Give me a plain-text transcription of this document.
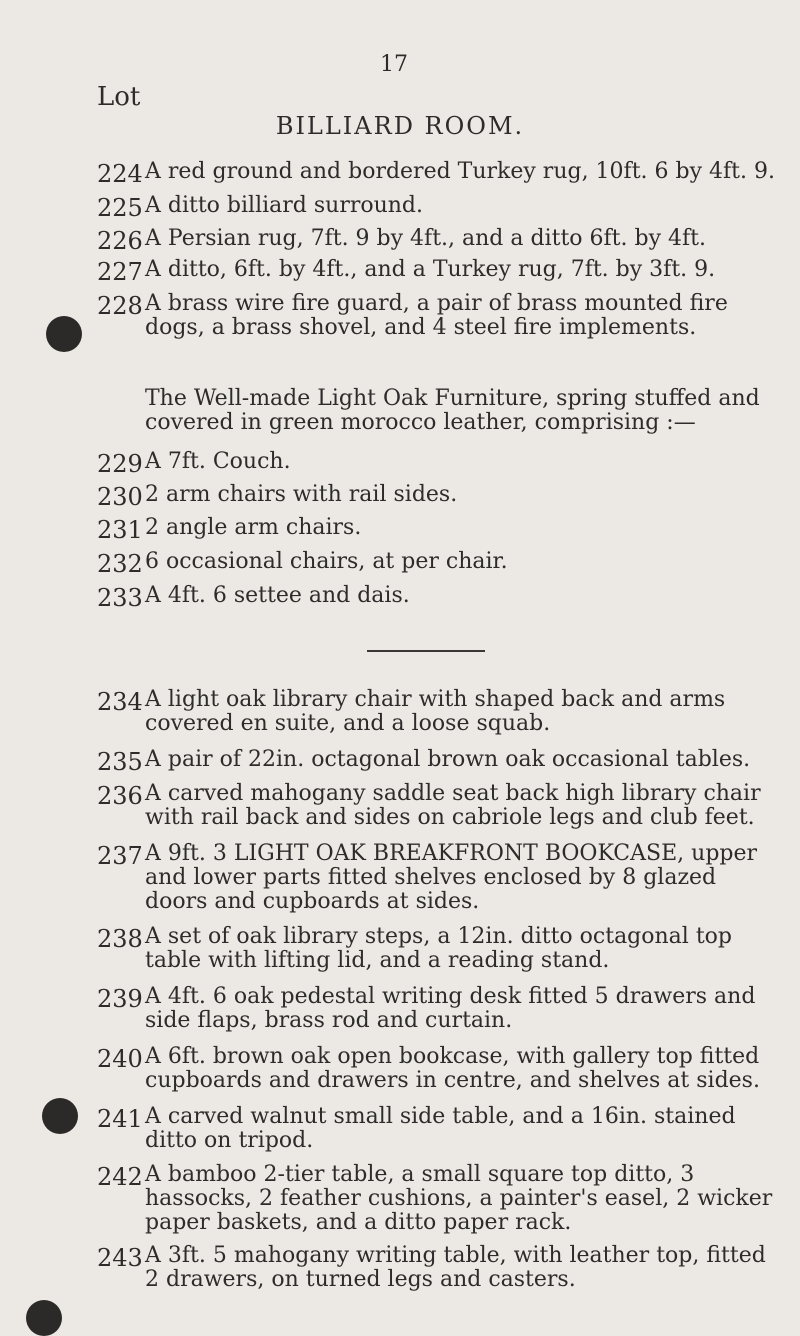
17
Lot
BILLIARD ROOM.
224 A red ground and bordered Turkey rug, 10ft. 6 by 4ft. 9.
225 A ditto billiard surround.
226 A Persian rug, 7ft. 9 by 4ft., and a ditto 6ft. by 4ft.
227 A ditto, 6ft. by 4ft., and a Turkey rug, 7ft. by 3ft. 9.
228 A brass wire fire guard, a pair of brass mounted fire dogs, a brass shovel, and 4 steel fire implements.
The Well-made Light Oak Furniture, spring stuffed and covered in green morocco leather, comprising :—
229 A 7ft. Couch.
230 2 arm chairs with rail sides.
231 2 angle arm chairs.
232 6 occasional chairs, at per chair.
233 A 4ft. 6 settee and dais.
234 A light oak library chair with shaped back and arms covered en suite, and a loose squab.
235 A pair of 22in. octagonal brown oak occasional tables.
236 A carved mahogany saddle seat back high library chair with rail back and sides on cabriole legs and club feet.
237 A 9ft. 3 LIGHT OAK BREAKFRONT BOOKCASE, upper and lower parts fitted shelves enclosed by 8 glazed doors and cupboards at sides.
238 A set of oak library steps, a 12in. ditto octagonal top table with lifting lid, and a reading stand.
239 A 4ft. 6 oak pedestal writing desk fitted 5 drawers and side flaps, brass rod and curtain.
240 A 6ft. brown oak open bookcase, with gallery top fitted cupboards and drawers in centre, and shelves at sides.
241 A carved walnut small side table, and a 16in. stained ditto on tripod.
242 A bamboo 2-tier table, a small square top ditto, 3 hassocks, 2 feather cushions, a painter's easel, 2 wicker paper baskets, and a ditto paper rack.
243 A 3ft. 5 mahogany writing table, with leather top, fitted 2 drawers, on turned legs and casters.
